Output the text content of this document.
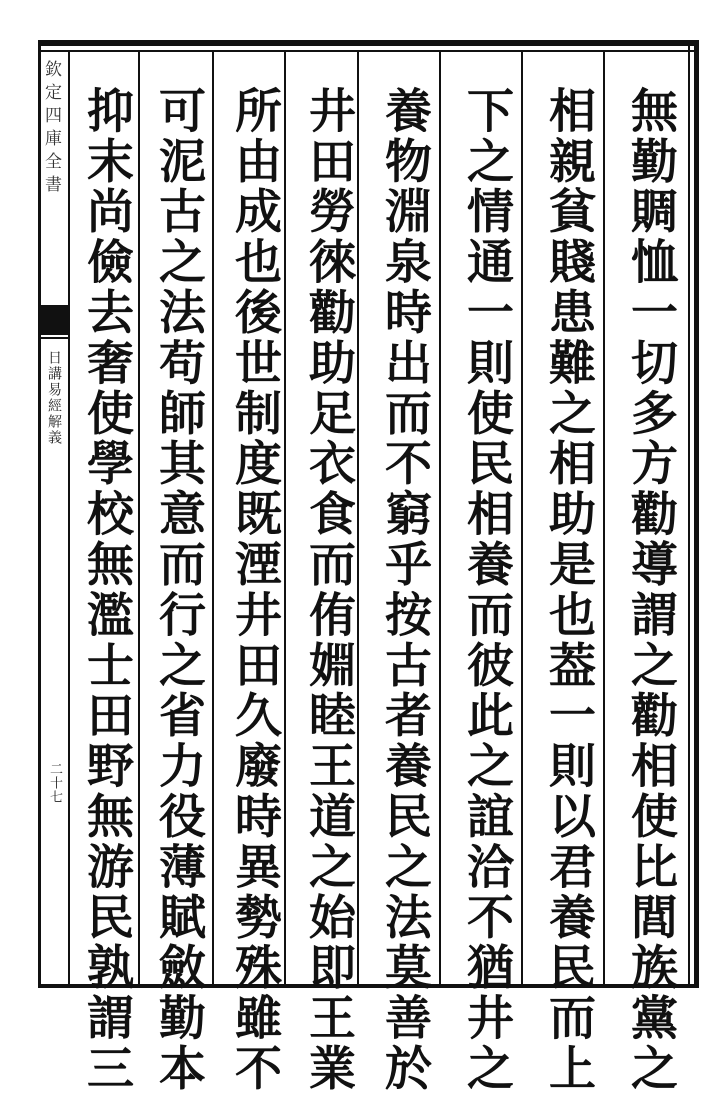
欽定四庫全書
日講易經解義
二十七	無勤賙恤一切多方勸導謂之勸相使比閭族黨之
相親貧賤患難之相助是也葢一則以君養民而上
下之情通一則使民相養而彼此之誼洽不猶井之
養物淵泉時出而不窮乎按古者養民之法莫善於
井田勞徠勸助足衣食而侑婣睦王道之始即王業
所由成也後世制度既湮井田久廢時異勢殊雖不
可泥古之法苟師其意而行之省力役薄賦斂勤本
抑末尚儉去奢使學校無濫士田野無游民孰謂三
